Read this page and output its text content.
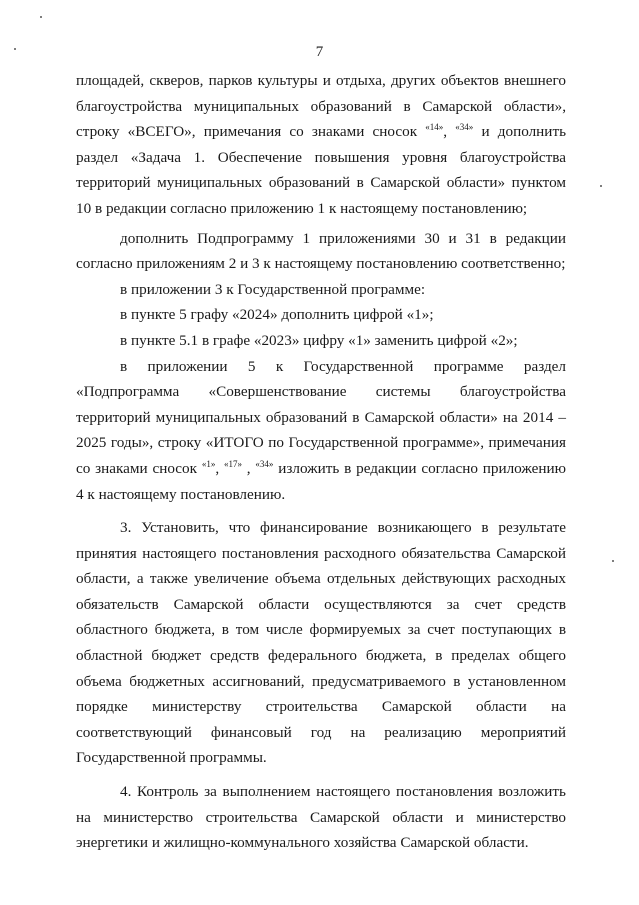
7

площадей, скверов, парков культуры и отдыха, других объектов внешнего благоустройства муниципальных образований в Самарской области», строку «ВСЕГО», примечания со знаками сносок $^{«14»}$, $^{«34»}$ и дополнить раздел «Задача 1. Обеспечение повышения уровня благоустройства территорий муниципальных образований в Самарской области» пунктом 10 в редакции согласно приложению 1 к настоящему постановлению;

дополнить Подпрограмму 1 приложениями 30 и 31 в редакции согласно приложениям 2 и 3 к настоящему постановлению соответственно;

в приложении 3 к Государственной программе:

в пункте 5 графу «2024» дополнить цифрой «1»;

в пункте 5.1 в графе «2023» цифру «1» заменить цифрой «2»;

в приложении 5 к Государственной программе раздел «Подпрограмма «Совершенствование системы благоустройства территорий муниципальных образований в Самарской области» на 2014 – 2025 годы», строку «ИТОГО по Государственной программе», примечания со знаками сносок $^{«1»}$, $^{«17»}$ , $^{«34»}$ изложить в редакции согласно приложению 4 к настоящему постановлению.

3. Установить, что финансирование возникающего в результате принятия настоящего постановления расходного обязательства Самарской области, а также увеличение объема отдельных действующих расходных обязательств Самарской области осуществляются за счет средств областного бюджета, в том числе формируемых за счет поступающих в областной бюджет средств федерального бюджета, в пределах общего объема бюджетных ассигнований, предусматриваемого в установленном порядке министерству строительства Самарской области на соответствующий финансовый год на реализацию мероприятий Государственной программы.

4. Контроль за выполнением настоящего постановления возложить на министерство строительства Самарской области и министерство энергетики и жилищно-коммунального хозяйства Самарской области.
